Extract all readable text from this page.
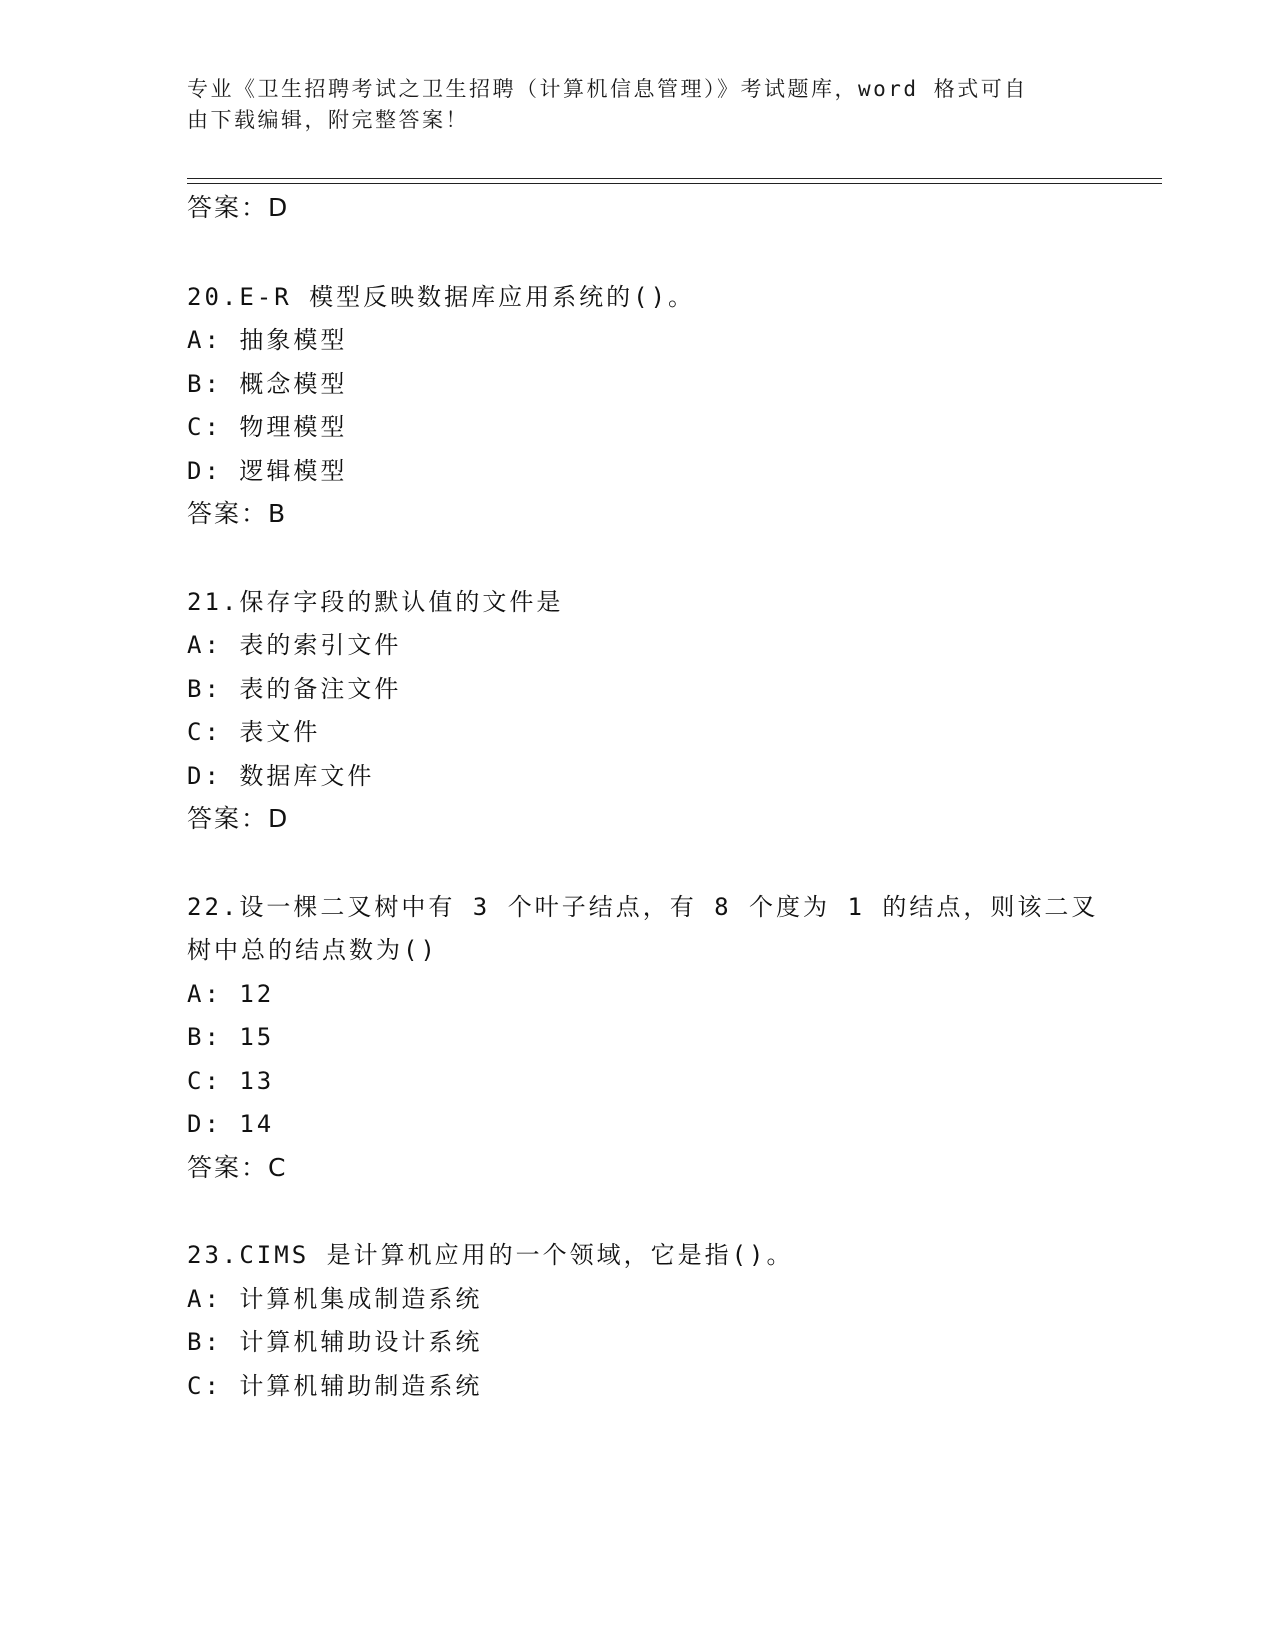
专业《卫生招聘考试之卫生招聘（计算机信息管理）》考试题库，word 格式可自
由下载编辑，附完整答案！
答案：D
20.E-R 模型反映数据库应用系统的()。
A: 抽象模型
B: 概念模型
C: 物理模型
D: 逻辑模型
答案：B
21.保存字段的默认值的文件是
A: 表的索引文件
B: 表的备注文件
C: 表文件
D: 数据库文件
答案：D
22.设一棵二叉树中有 3 个叶子结点，有 8 个度为 1 的结点，则该二叉
树中总的结点数为()
A: 12
B: 15
C: 13
D: 14
答案：C
23.CIMS 是计算机应用的一个领域，它是指()。
A: 计算机集成制造系统
B: 计算机辅助设计系统
C: 计算机辅助制造系统
